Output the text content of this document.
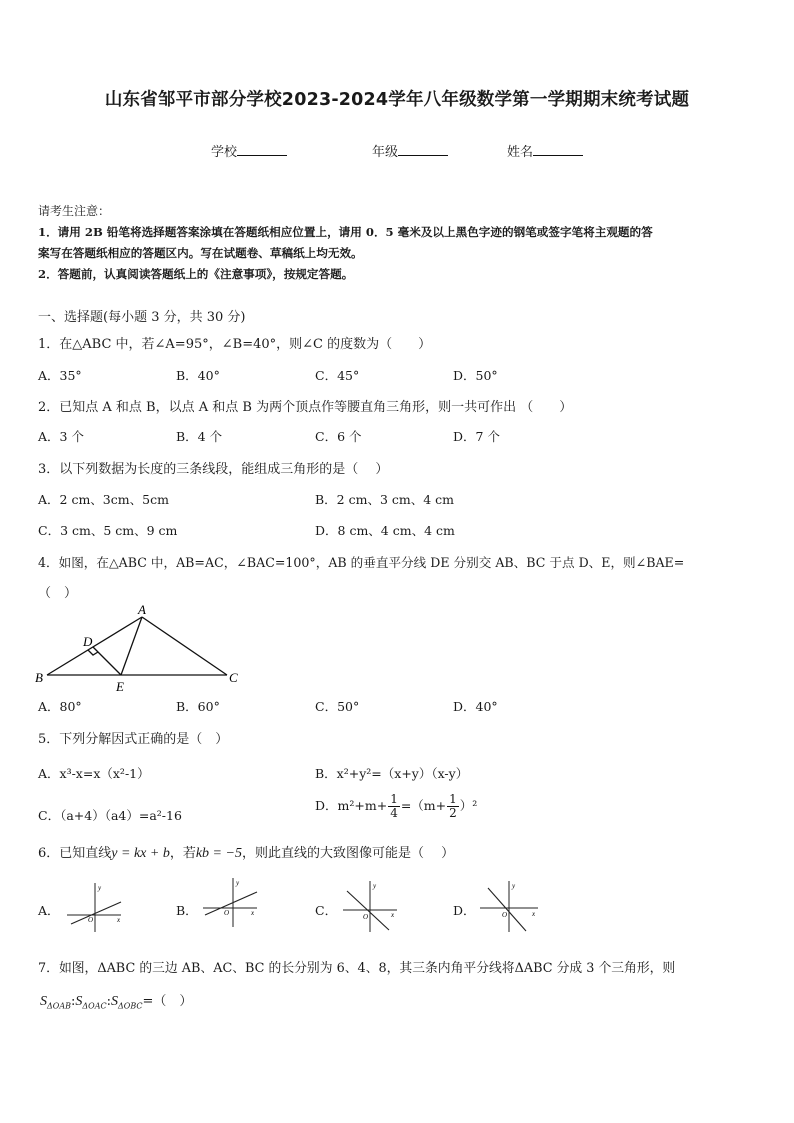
山东省邹平市部分学校2023-2024学年八年级数学第一学期期末统考试题
学校	年级	姓名
请考生注意：
1．请用 2B 铅笔将选择题答案涂填在答题纸相应位置上，请用 0．5 毫米及以上黑色字迹的钢笔或签字笔将主观题的答
案写在答题纸相应的答题区内。写在试题卷、草稿纸上均无效。
2．答题前，认真阅读答题纸上的《注意事项》，按规定答题。
一、选择题(每小题 3 分，共 30 分)
1．在△ABC 中，若∠A=95°，∠B=40°，则∠C 的度数为（　　）
A．35°	B．40°	C．45°	D．50°
2．已知点 A 和点 B，以点 A 和点 B 为两个顶点作等腰直角三角形，则一共可作出 （　　）
A．3 个	B．4 个	C．6 个	D．7 个
3．以下列数据为长度的三条线段，能组成三角形的是（　 ）
A．2 cm、3cm、5cm	B．2 cm、3 cm、4 cm
C．3 cm、5 cm、9 cm	D．8 cm、4 cm、4 cm
4．如图，在△ABC 中，AB=AC，∠BAC=100°，AB 的垂直平分线 DE 分别交 AB、BC 于点 D、E，则∠BAE=
（　）
A
B	C
D
E
A．80°	B．60°	C．50°	D．40°
5．下列分解因式正确的是（　）
A．x³-x=x（x²-1）	B．x²+y²=（x+y）（x-y）
C．（a+4）（a4）=a²-16
D．$m^2+m+ \frac{1}{4} =(m+ \frac{1}{2} )^2$
6．已知直线y = kx + b，若kb = −5，则此直线的大致图像可能是（　 ）
A．
y
x
O
B．
y
x
O	C．
y
x
O	D．
y
x
O
7．如图，ΔABC 的三边 AB、AC、BC 的长分别为 6、4、8，其三条内角平分线将ΔABC 分成 3 个三角形，则
$S_{\Delta OAB}:S_{\Delta OAC}:S_{\Delta OBC}=$（　）
